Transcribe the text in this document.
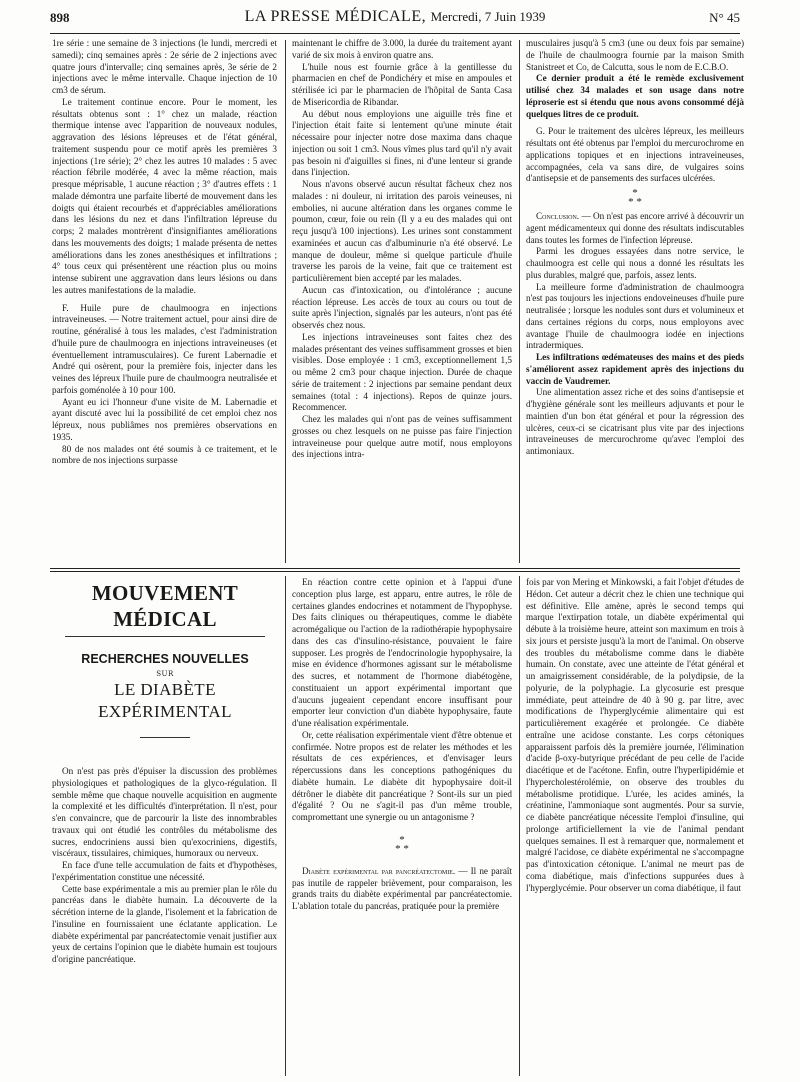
898	LA PRESSE MÉDICALE, Mercredi, 7 Juin 1939	N° 45

1re série : une semaine de 3 injections (le lundi, mercredi et samedi); cinq semaines après : 2e série de 2 injections avec quatre jours d'intervalle; cinq semaines après, 3e série de 2 injections avec le même intervalle. Chaque injection de 10 cm3 de sérum.

Le traitement continue encore. Pour le moment, les résultats obtenus sont : 1° chez un malade, réaction thermique intense avec l'apparition de nouveaux nodules, aggravation des lésions lépreuses et de l'état général, traitement suspendu pour ce motif après les premières 3 injections (1re série); 2° chez les autres 10 malades : 5 avec réaction fébrile modérée, 4 avec la même réaction, mais presque méprisable, 1 aucune réaction ; 3° d'autres effets : 1 malade démontra une parfaite liberté de mouvement dans les doigts qui étaient recourbés et d'appréciables améliorations dans les lésions du nez et dans l'infiltration lépreuse du corps; 2 malades montrèrent d'insignifiantes améliorations dans les mouvements des doigts; 1 malade présenta de nettes améliorations dans les zones anesthésiques et infiltrations ; 4° tous ceux qui présentèrent une réaction plus ou moins intense subirent une aggravation dans leurs lésions ou dans les autres manifestations de la maladie.

F. Huile pure de chaulmoogra en injections intraveineuses. — Notre traitement actuel, pour ainsi dire de routine, généralisé à tous les malades, c'est l'administration d'huile pure de chaulmoogra en injections intraveineuses (et éventuellement intramusculaires). Ce furent Labernadie et André qui osèrent, pour la première fois, injecter dans les veines des lépreux l'huile pure de chaulmoogra neutralisée et parfois goménolée à 10 pour 100.

Ayant eu ici l'honneur d'une visite de M. Labernadie et ayant discuté avec lui la possibilité de cet emploi chez nos lépreux, nous publiâmes nos premières observations en 1935.

80 de nos malades ont été soumis à ce traitement, et le nombre de nos injections surpasse

maintenant le chiffre de 3.000, la durée du traitement ayant varié de six mois à environ quatre ans.

L'huile nous est fournie grâce à la gentillesse du pharmacien en chef de Pondichéry et mise en ampoules et stérilisée ici par le pharmacien de l'hôpital de Santa Casa de Misericordia de Ribandar.

Au début nous employions une aiguille très fine et l'injection était faite si lentement qu'une minute était nécessaire pour injecter notre dose maxima dans chaque injection ou soit 1 cm3. Nous vîmes plus tard qu'il n'y avait pas besoin ni d'aiguilles si fines, ni d'une lenteur si grande dans l'injection.

Nous n'avons observé aucun résultat fâcheux chez nos malades : ni douleur, ni irritation des parois veineuses, ni embolies, ni aucune altération dans les organes comme le poumon, cœur, foie ou rein (Il y a eu des malades qui ont reçu jusqu'à 100 injections). Les urines sont constamment examinées et aucun cas d'albuminurie n'a été observé. Le manque de douleur, même si quelque particule d'huile traverse les parois de la veine, fait que ce traitement est particulièrement bien accepté par les malades.

Aucun cas d'intoxication, ou d'intolérance ; aucune réaction lépreuse. Les accès de toux au cours ou tout de suite après l'injection, signalés par les auteurs, n'ont pas été observés chez nous.

Les injections intraveineuses sont faites chez des malades présentant des veines suffisamment grosses et bien visibles. Dose employée : 1 cm3, exceptionnellement 1,5 ou même 2 cm3 pour chaque injection. Durée de chaque série de traitement : 2 injections par semaine pendant deux semaines (total : 4 injections). Repos de quinze jours. Recommencer.

Chez les malades qui n'ont pas de veines suffisamment grosses ou chez lesquels on ne puisse pas faire l'injection intraveineuse pour quelque autre motif, nous employons des injections intra-

musculaires jusqu'à 5 cm3 (une ou deux fois par semaine) de l'huile de chaulmoogra fournie par la maison Smith Stanistreet et Co, de Calcutta, sous le nom de E.C.B.O.

Ce dernier produit a été le remède exclusivement utilisé chez 34 malades et son usage dans notre léproserie est si étendu que nous avons consommé déjà quelques litres de ce produit.

G. Pour le traitement des ulcères lépreux, les meilleurs résultats ont été obtenus par l'emploi du mercurochrome en applications topiques et en injections intraveineuses, accompagnées, cela va sans dire, de vulgaires soins d'antisepsie et de pansements des surfaces ulcérées.

*
* *

Conclusion. — On n'est pas encore arrivé à découvrir un agent médicamenteux qui donne des résultats indiscutables dans toutes les formes de l'infection lépreuse.

Parmi les drogues essayées dans notre service, le chaulmoogra est celle qui nous a donné les résultats les plus durables, malgré que, parfois, assez lents.

La meilleure forme d'administration de chaulmoogra n'est pas toujours les injections endoveineuses d'huile pure neutralisée ; lorsque les nodules sont durs et volumineux et dans certaines régions du corps, nous employons avec avantage l'huile de chaulmoogra iodée en injections intradermiques.

Les infiltrations œdémateuses des mains et des pieds s'améliorent assez rapidement après des injections du vaccin de Vaudremer.

Une alimentation assez riche et des soins d'antisepsie et d'hygiène générale sont les meilleurs adjuvants et pour le maintien d'un bon état général et pour la régression des ulcères, ceux-ci se cicatrisant plus vite par des injections intraveineuses de mercurochrome qu'avec l'emploi des antimoniaux.

MOUVEMENT MÉDICAL
RECHERCHES NOUVELLES
SUR
LE DIABÈTE EXPÉRIMENTAL

On n'est pas près d'épuiser la discussion des problèmes physiologiques et pathologiques de la glyco-régulation. Il semble même que chaque nouvelle acquisition en augmente la complexité et les difficultés d'interprétation. Il n'est, pour s'en convaincre, que de parcourir la liste des innombrables travaux qui ont étudié les contrôles du métabolisme des sucres, endocriniens aussi bien qu'exocriniens, digestifs, viscéraux, tissulaires, chimiques, humoraux ou nerveux.

En face d'une telle accumulation de faits et d'hypothèses, l'expérimentation constitue une nécessité.

Cette base expérimentale a mis au premier plan le rôle du pancréas dans le diabète humain. La découverte de la sécrétion interne de la glande, l'isolement et la fabrication de l'insuline en fournissaient une éclatante application. Le diabète expérimental par pancréatectomie venait justifier aux yeux de certains l'opinion que le diabète humain est toujours d'origine pancréatique.

En réaction contre cette opinion et à l'appui d'une conception plus large, est apparu, entre autres, le rôle de certaines glandes endocrines et notamment de l'hypophyse. Des faits cliniques ou thérapeutiques, comme le diabète acromégalique ou l'action de la radiothérapie hypophysaire dans des cas d'insulino-résistance, pouvaient le faire supposer. Les progrès de l'endocrinologie hypophysaire, la mise en évidence d'hormones agissant sur le métabolisme des sucres, et notamment de l'hormone diabétogène, constituaient un apport expérimental important que d'aucuns jugeaient cependant encore insuffisant pour emporter leur conviction d'un diabète hypophysaire, faute d'une réalisation expérimentale.

Or, cette réalisation expérimentale vient d'être obtenue et confirmée. Notre propos est de relater les méthodes et les résultats de ces expériences, et d'envisager leurs répercussions dans les conceptions pathogéniques du diabète humain. Le diabète dit hypophysaire doit-il détrôner le diabète dit pancréatique ? Sont-ils sur un pied d'égalité ? Ou ne s'agit-il pas d'un même trouble, compromettant une synergie ou un antagonisme ?

*
* *

Diabète expérimental par pancréatectomie. — Il ne paraît pas inutile de rappeler brièvement, pour comparaison, les grands traits du diabète expérimental par pancréatectomie. L'ablation totale du pancréas, pratiquée pour la première

fois par von Mering et Minkowski, a fait l'objet d'études de Hédon. Cet auteur a décrit chez le chien une technique qui est définitive. Elle amène, après le second temps qui marque l'extirpation totale, un diabète expérimental qui débute à la troisième heure, atteint son maximum en trois à six jours et persiste jusqu'à la mort de l'animal. On observe des troubles du métabolisme comme dans le diabète humain. On constate, avec une atteinte de l'état général et un amaigrissement considérable, de la polydipsie, de la polyurie, de la polyphagie. La glycosurie est presque immédiate, peut atteindre de 40 à 90 g. par litre, avec modifications de l'hyperglycémie alimentaire qui est particulièrement exagérée et prolongée. Ce diabète entraîne une acidose constante. Les corps cétoniques apparaissent parfois dès la première journée, l'élimination d'acide β-oxy-butyrique précédant de peu celle de l'acide diacétique et de l'acétone. Enfin, outre l'hyperlipidémie et l'hypercholestérolémie, on observe des troubles du métabolisme protidique. L'urée, les acides aminés, la créatinine, l'ammoniaque sont augmentés. Pour sa survie, ce diabète pancréatique nécessite l'emploi d'insuline, qui prolonge artificiellement la vie de l'animal pendant quelques semaines. Il est à remarquer que, normalement et malgré l'acidose, ce diabète expérimental ne s'accompagne pas d'intoxication cétonique. L'animal ne meurt pas de coma diabétique, mais d'infections suppurées dues à l'hyperglycémie. Pour observer un coma diabétique, il faut
